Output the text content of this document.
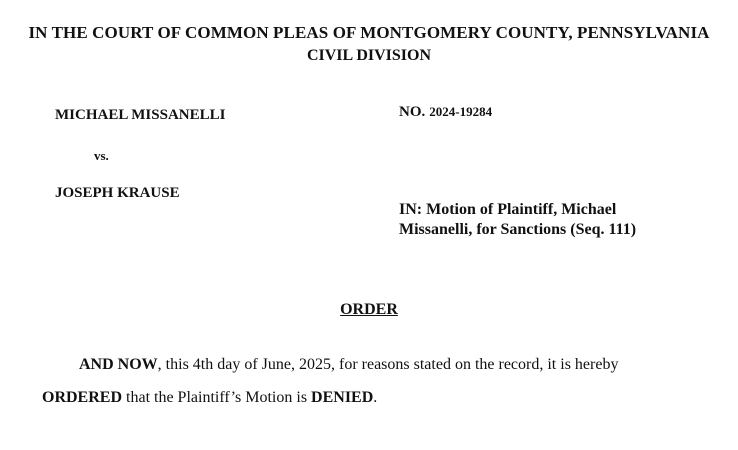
IN THE COURT OF COMMON PLEAS OF MONTGOMERY COUNTY, PENNSYLVANIA
CIVIL DIVISION
MICHAEL MISSANELLI	NO. 2024-19284
vs.
JOSEPH KRAUSE
IN: Motion of Plaintiff, Michael
Missanelli, for Sanctions (Seq. 111)
ORDER
AND NOW, this 4th day of June, 2025, for reasons stated on the record, it is hereby
ORDERED that the Plaintiff’s Motion is DENIED.
